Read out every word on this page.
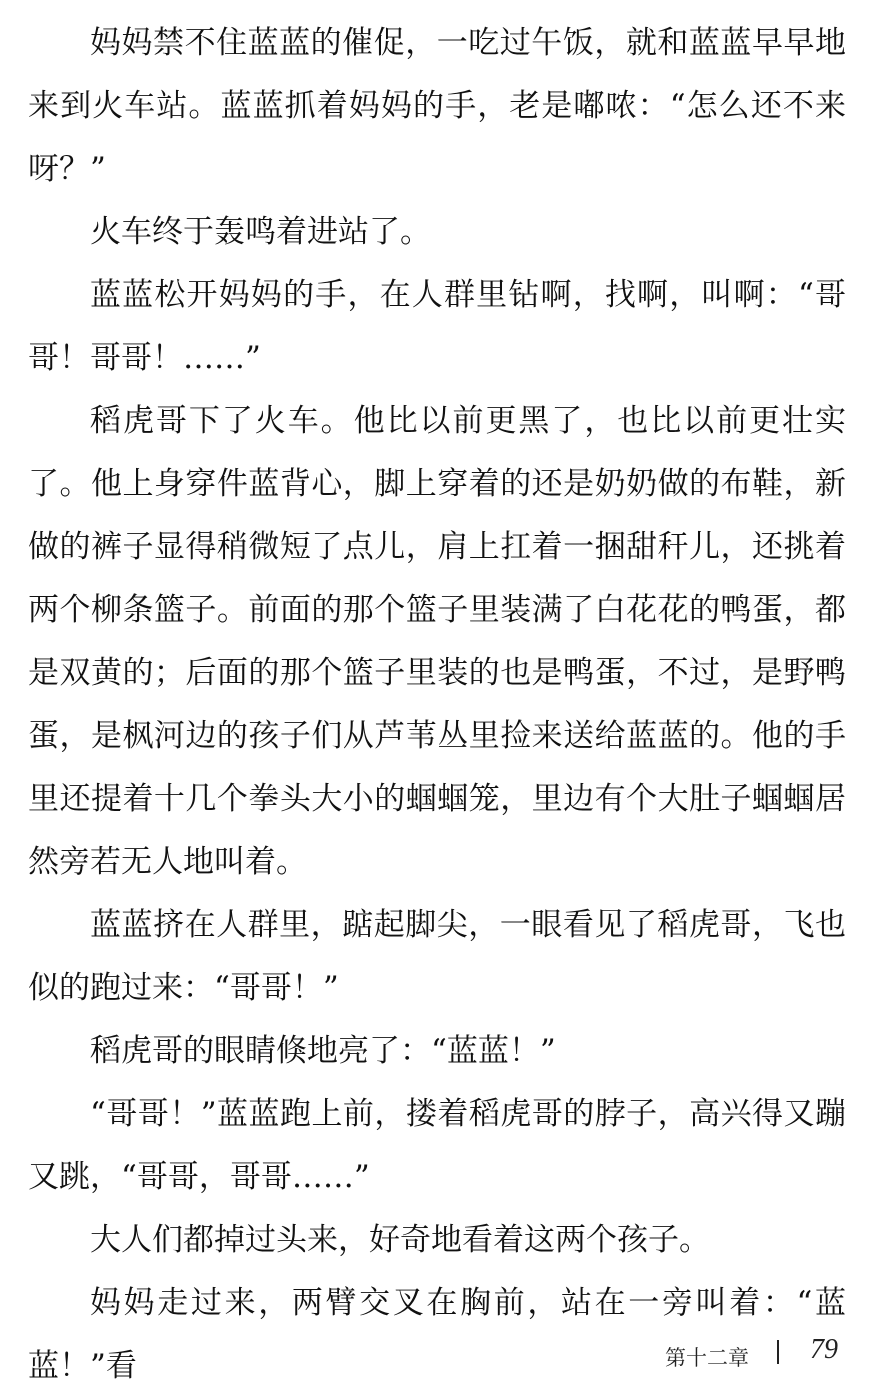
妈妈禁不住蓝蓝的催促，一吃过午饭，就和蓝蓝早早地来到火车站。蓝蓝抓着妈妈的手，老是嘟哝：“怎么还不来呀？”

火车终于轰鸣着进站了。

蓝蓝松开妈妈的手，在人群里钻啊，找啊，叫啊：“哥哥！哥哥！……”

稻虎哥下了火车。他比以前更黑了，也比以前更壮实了。他上身穿件蓝背心，脚上穿着的还是奶奶做的布鞋，新做的裤子显得稍微短了点儿，肩上扛着一捆甜秆儿，还挑着两个柳条篮子。前面的那个篮子里装满了白花花的鸭蛋，都是双黄的；后面的那个篮子里装的也是鸭蛋，不过，是野鸭蛋，是枫河边的孩子们从芦苇丛里捡来送给蓝蓝的。他的手里还提着十几个拳头大小的蝈蝈笼，里边有个大肚子蝈蝈居然旁若无人地叫着。

蓝蓝挤在人群里，踮起脚尖，一眼看见了稻虎哥，飞也似的跑过来：“哥哥！”

稻虎哥的眼睛倏地亮了：“蓝蓝！”

“哥哥！”蓝蓝跑上前，搂着稻虎哥的脖子，高兴得又蹦又跳，“哥哥，哥哥……”

大人们都掉过头来，好奇地看着这两个孩子。

妈妈走过来，两臂交叉在胸前，站在一旁叫着：“蓝蓝！”看	第十二章 79
